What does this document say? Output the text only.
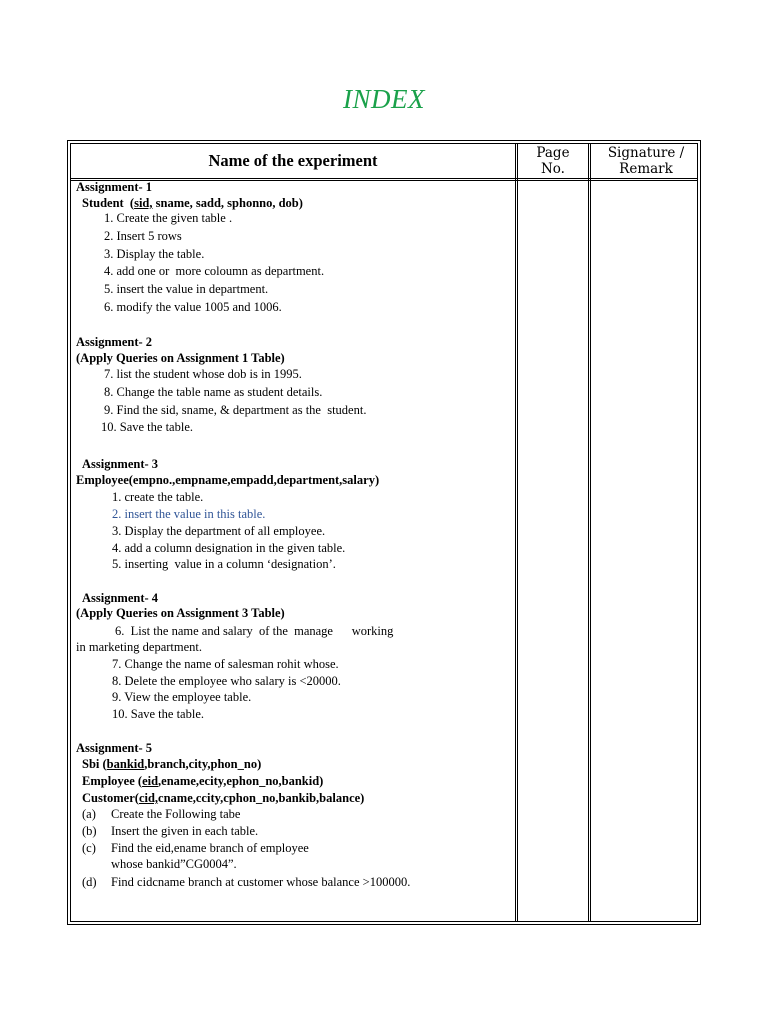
INDEX
Name of the experiment	Page
No.
Signature /
Remark
Assignment- 1
Student  (sid, sname, sadd, sphonno, dob)
1. Create the given table .
2. Insert 5 rows
3. Display the table.
4. add one or  more coloumn as department.
5. insert the value in department.
6. modify the value 1005 and 1006.
Assignment- 2
(Apply Queries on Assignment 1 Table)
7. list the student whose dob is in 1995.
8. Change the table name as student details.
9. Find the sid, sname, & department as the  student.
10. Save the table.
Assignment- 3
Employee(empno.,empname,empadd,department,salary)
1. create the table.
2. insert the value in this table.
3. Display the department of all employee.
4. add a column designation in the given table.
5. inserting  value in a column ‘designation’.
Assignment- 4
(Apply Queries on Assignment 3 Table)
6.  List the name and salary  of the  manage      working
in marketing department.
7. Change the name of salesman rohit whose.
8. Delete the employee who salary is <20000.
9. View the employee table.
10. Save the table.
Assignment- 5
Sbi (bankid,branch,city,phon_no)
Employee (eid,ename,ecity,ephon_no,bankid)
Customer(cid,cname,ccity,cphon_no,bankib,balance)
(a) Create the Following tabe
(b) Insert the given in each table.
(c) Find the eid,ename branch of employee
whose bankid”CG0004”.
(d) Find cidcname branch at customer whose balance >100000.
